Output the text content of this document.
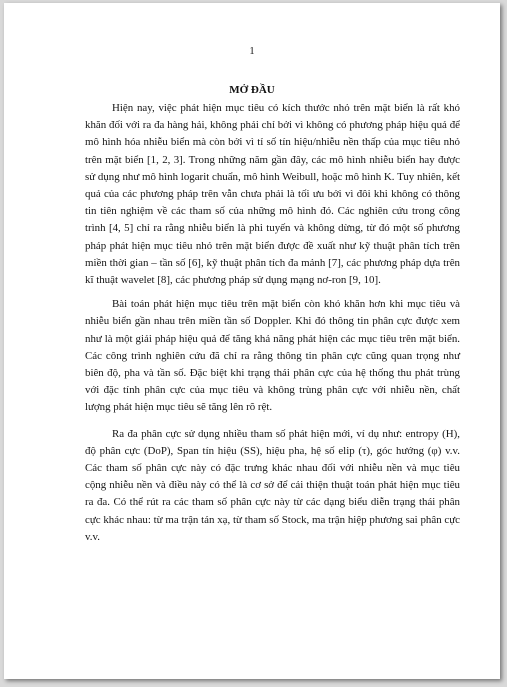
1
MỞ ĐẦU

Hiện nay, việc phát hiện mục tiêu có kích thước nhỏ trên mặt biển là rất khó khăn đối với ra đa hàng hải, không phải chỉ bởi vì không có phương pháp hiệu quả để mô hình hóa nhiễu biển mà còn bởi vì tỉ số tín hiệu/nhiễu nền thấp của mục tiêu nhỏ trên mặt biển [1, 2, 3]. Trong những năm gần đây, các mô hình nhiễu biển hay được sử dụng như mô hình logarit chuẩn, mô hình Weibull, hoặc mô hình K. Tuy nhiên, kết quả của các phương pháp trên vẫn chưa phải là tối ưu bởi vì đôi khi không có thông tin tiên nghiệm về các tham số của những mô hình đó. Các nghiên cứu trong công trình [4, 5] chỉ ra rằng nhiễu biển là phi tuyến và không dừng, từ đó một số phương pháp phát hiện mục tiêu nhỏ trên mặt biển được đề xuất như kỹ thuật phân tích trên miền thời gian – tần số [6], kỹ thuật phân tích đa mảnh [7], các phương pháp dựa trên kĩ thuật wavelet [8], các phương pháp sử dụng mạng nơ-ron [9, 10].

Bài toán phát hiện mục tiêu trên mặt biển còn khó khăn hơn khi mục tiêu và nhiễu biển gần nhau trên miền tần số Doppler. Khi đó thông tin phân cực được xem như là một giải pháp hiệu quả để tăng khả năng phát hiện các mục tiêu trên mặt biển. Các công trình nghiên cứu đã chỉ ra rằng thông tin phân cực cũng quan trọng như biên độ, pha và tần số. Đặc biệt khi trạng thái phân cực của hệ thống thu phát trùng với đặc tính phân cực của mục tiêu và không trùng phân cực với nhiễu nền, chất lượng phát hiện mục tiêu sẽ tăng lên rõ rệt.

Ra đa phân cực sử dụng nhiều tham số phát hiện mới, ví dụ như: entropy (H), độ phân cực (DoP), Span tín hiệu (SS), hiệu pha, hệ số elip (τ), góc hướng (φ) v.v. Các tham số phân cực này có đặc trưng khác nhau đối với nhiễu nền và mục tiêu cộng nhiễu nền và điều này có thể là cơ sở để cải thiện thuật toán phát hiện mục tiêu ra đa. Có thể rút ra các tham số phân cực này từ các dạng biểu diễn trạng thái phân cực khác nhau: từ ma trận tán xạ, từ tham số Stock, ma trận hiệp phương sai phân cực v.v.
